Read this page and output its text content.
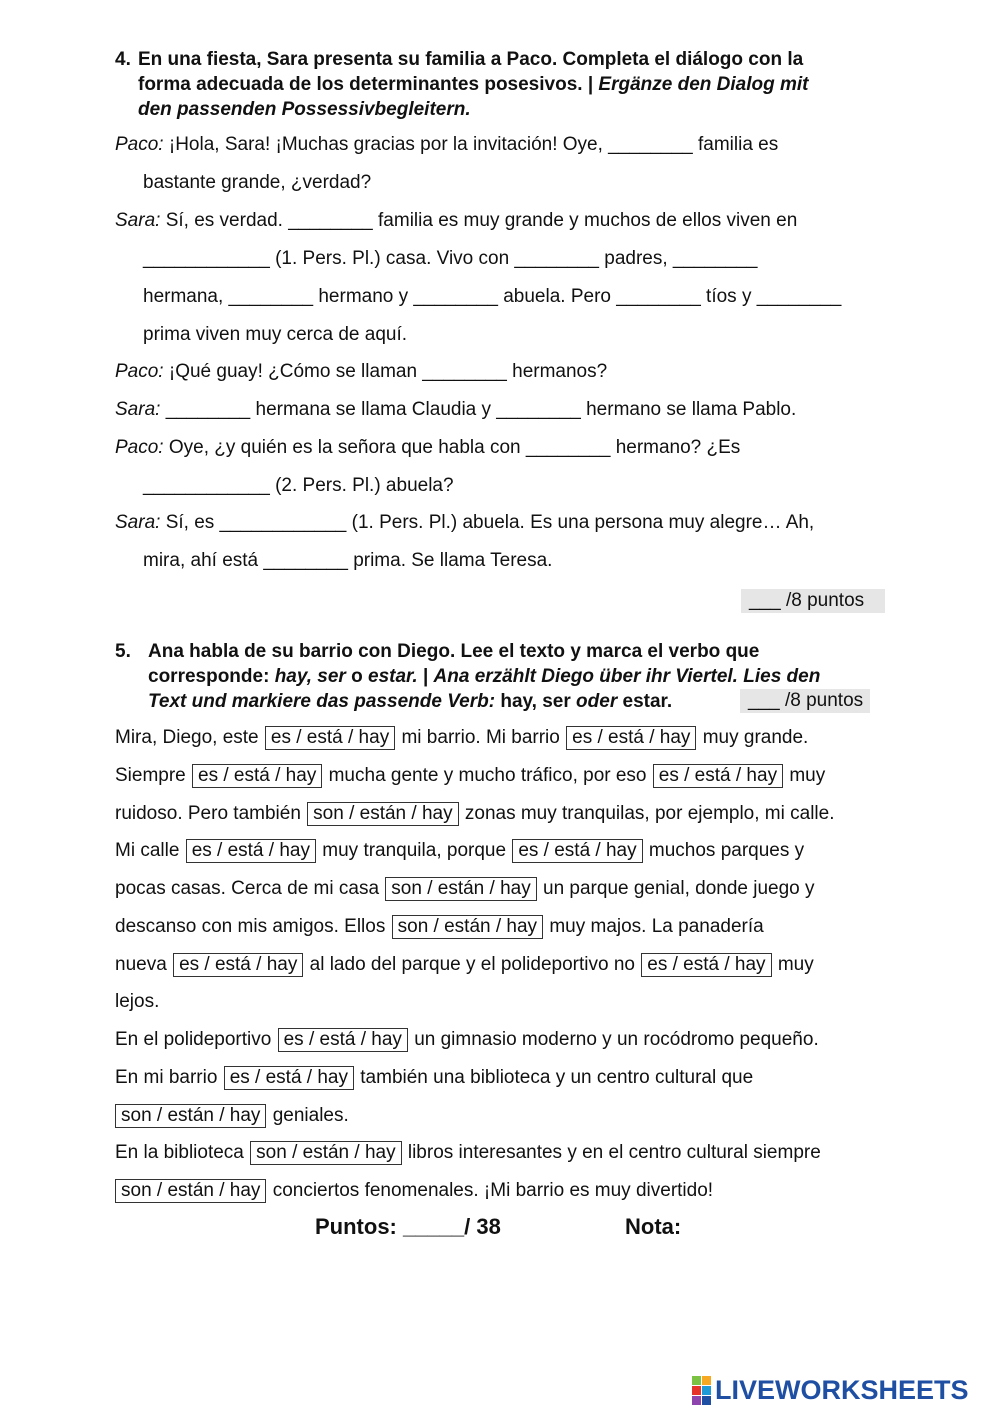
4. En una fiesta, Sara presenta su familia a Paco. Completa el diálogo con la
forma adecuada de los determinantes posesivos. | Ergänze den Dialog mit
den passenden Possessivbegleitern.
Paco: ¡Hola, Sara! ¡Muchas gracias por la invitación! Oye, ________ familia es
bastante grande, ¿verdad?
Sara: Sí, es verdad. ________ familia es muy grande y muchos de ellos viven en
____________ (1. Pers. Pl.) casa. Vivo con ________ padres, ________
hermana, ________ hermano y ________ abuela. Pero ________ tíos y ________
prima viven muy cerca de aquí.
Paco: ¡Qué guay! ¿Cómo se llaman ________ hermanos?
Sara: ________ hermana se llama Claudia y ________ hermano se llama Pablo.
Paco: Oye, ¿y quién es la señora que habla con ________ hermano? ¿Es
____________ (2. Pers. Pl.) abuela?
Sara: Sí, es ____________ (1. Pers. Pl.) abuela. Es una persona muy alegre… Ah,
mira, ahí está ________ prima. Se llama Teresa.
___ /8 puntos
5. Ana habla de su barrio con Diego. Lee el texto y marca el verbo que
corresponde: hay, ser o estar. | Ana erzählt Diego über ihr Viertel. Lies den
Text und markiere das passende Verb: hay, ser oder estar.	___ /8 puntos
Mira, Diego, este es / está / hay mi barrio. Mi barrio es / está / hay muy grande.
Siempre es / está / hay mucha gente y mucho tráfico, por eso es / está / hay muy
ruidoso. Pero también son / están / hay zonas muy tranquilas, por ejemplo, mi calle.
Mi calle es / está / hay muy tranquila, porque es / está / hay muchos parques y
pocas casas. Cerca de mi casa son / están / hay un parque genial, donde juego y
descanso con mis amigos. Ellos son / están / hay muy majos. La panadería
nueva es / está / hay al lado del parque y el polideportivo no es / está / hay muy
lejos.
En el polideportivo es / está / hay un gimnasio moderno y un rocódromo pequeño.
En mi barrio es / está / hay también una biblioteca y un centro cultural que
son / están / hay geniales.
En la biblioteca son / están / hay libros interesantes y en el centro cultural siempre
son / están / hay conciertos fenomenales. ¡Mi barrio es muy divertido!
Puntos: _____/ 38	Nota:
LIVEWORKSHEETS
